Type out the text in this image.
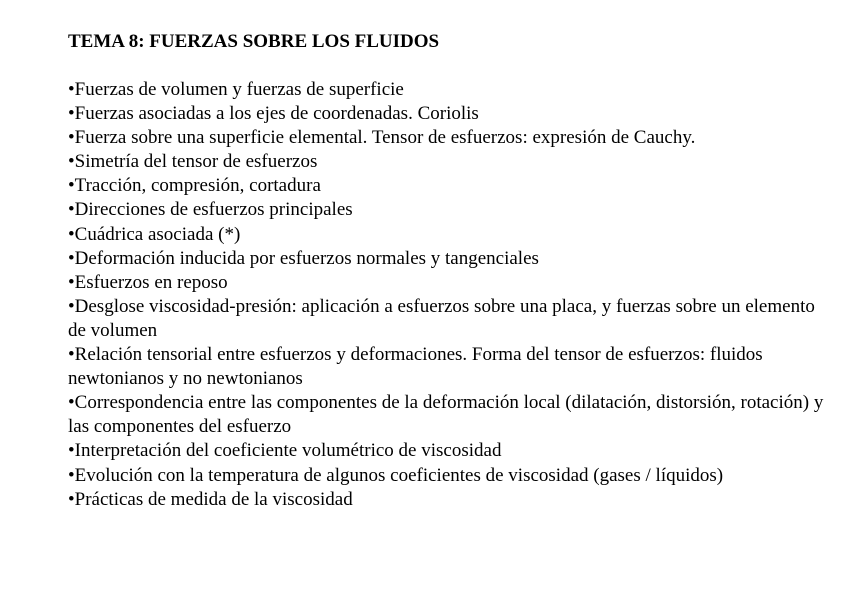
TEMA 8: FUERZAS SOBRE LOS FLUIDOS
•Fuerzas de volumen y fuerzas de superficie
•Fuerzas asociadas a los ejes de coordenadas. Coriolis
•Fuerza sobre una superficie elemental. Tensor de esfuerzos: expresión de Cauchy.
•Simetría del tensor de esfuerzos
•Tracción, compresión, cortadura
•Direcciones de esfuerzos principales
•Cuádrica asociada (*)
•Deformación inducida por esfuerzos normales y tangenciales
•Esfuerzos en reposo
•Desglose viscosidad-presión: aplicación a esfuerzos sobre una placa, y fuerzas sobre un elemento de volumen
•Relación tensorial entre esfuerzos y deformaciones. Forma del tensor de esfuerzos: fluidos newtonianos y no newtonianos
•Correspondencia entre las componentes de la deformación local (dilatación, distorsión, rotación) y las componentes del esfuerzo
•Interpretación del coeficiente volumétrico de viscosidad
•Evolución con la temperatura de algunos coeficientes de viscosidad (gases / líquidos)
•Prácticas de medida de la viscosidad
